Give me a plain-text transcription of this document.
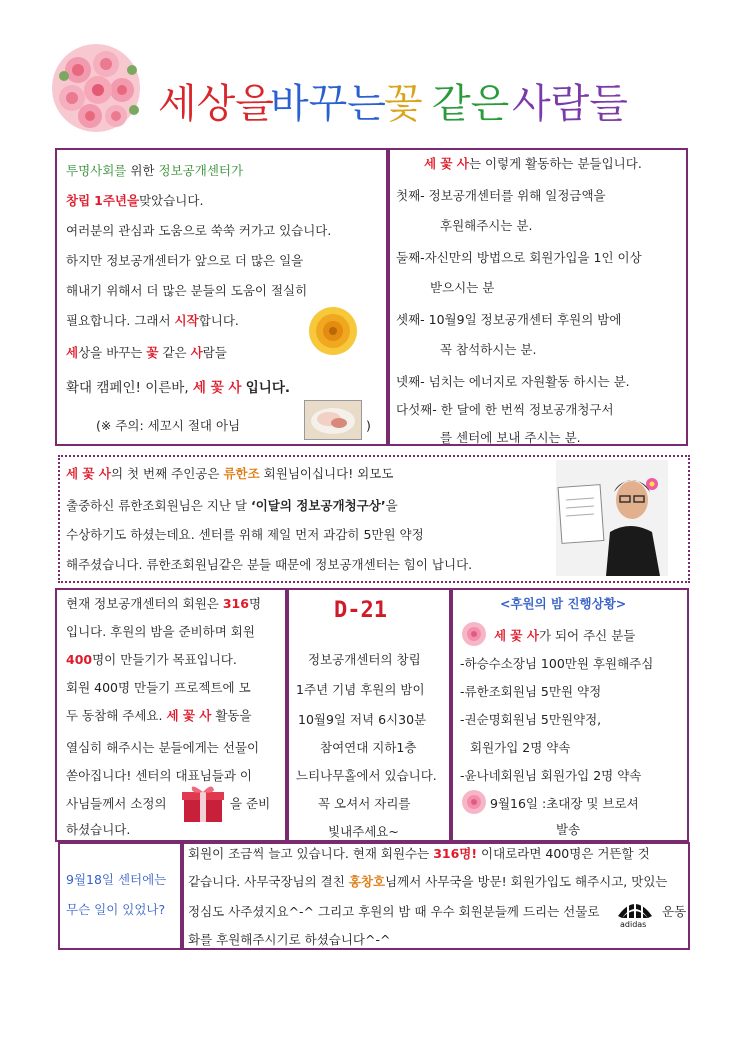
세상을
바꾸는
꽃 같은 사람들
투명사회를 위한 정보공개센터가
창립 1주년을맞았습니다.
여러분의 관심과 도움으로 쑥쑥 커가고 있습니다.
하지만 정보공개센터가 앞으로 더 많은 일을
해내기 위해서 더 많은 분들의 도움이 절실히
필요합니다. 그래서 시작합니다.
세상을 바꾸는 꽃 같은 사람들
확대 캠페인! 이른바, 세 꽃 사 입니다.
(※ 주의: 세꼬시 절대 아님	)
세 꽃 사는 이렇게 활동하는 분들입니다.
첫째- 정보공개센터를 위해 일정금액을
후원해주시는 분.
둘째-자신만의 방법으로 회원가입을 1인 이상
받으시는 분
셋째- 10월9일 정보공개센터 후원의 밤에
꼭 참석하시는 분.
넷째- 넘치는 에너지로 자원활동 하시는 분.
다섯째- 한 달에 한 번씩 정보공개청구서
를 센터에 보내 주시는 분.
세 꽃 사의 첫 번째 주인공은 류한조 회원님이십니다! 외모도
출중하신 류한조회원님은 지난 달 ‘이달의 정보공개청구상’을
수상하기도 하셨는데요. 센터를 위해 제일 먼저 과감히 5만원 약정
해주셨습니다. 류한조회원님같은 분들 때문에 정보공개센터는 힘이 납니다.
현재 정보공개센터의 회원은 316명
입니다. 후원의 밤을 준비하며 회원
400명이 만들기가 목표입니다.
회원 400명 만들기 프로젝트에 모
두 동참해 주세요. 세 꽃 사 활동을
열심히 해주시는 분들에게는 선물이
쏟아집니다! 센터의 대표님들과 이
사님들께서 소정의	을 준비
하셨습니다.
D-21
정보공개센터의 창립
1주년 기념 후원의 밤이
10월9일 저녁 6시30분
참여연대 지하1층
느티나무홀에서 있습니다.
꼭 오셔서 자리를
빛내주세요~
<후원의 밤 진행상황>
세 꽃 사가 되어 주신 분들
-하승수소장님 100만원 후원해주심
-류한조회원님 5만원 약정
-권순명회원님 5만원약정,
회원가입 2명 약속
-윤나네회원님 회원가입 2명 약속
9월16일 :초대장 및 브로셔
발송
9월18일 센터에는
무슨 일이 있었나?
회원이 조금씩 늘고 있습니다. 현재 회원수는 316명! 이대로라면 400명은 거뜬할 것
같습니다. 사무국장님의 결친 홍창호님께서 사무국을 방문! 회원가입도 해주시고, 맛있는
정심도 사주셨지요^-^ 그리고 후원의 밤 때 우수 회원분들께 드리는 선물로
adidas
운동
화를 후원해주시기로 하셨습니다^-^
